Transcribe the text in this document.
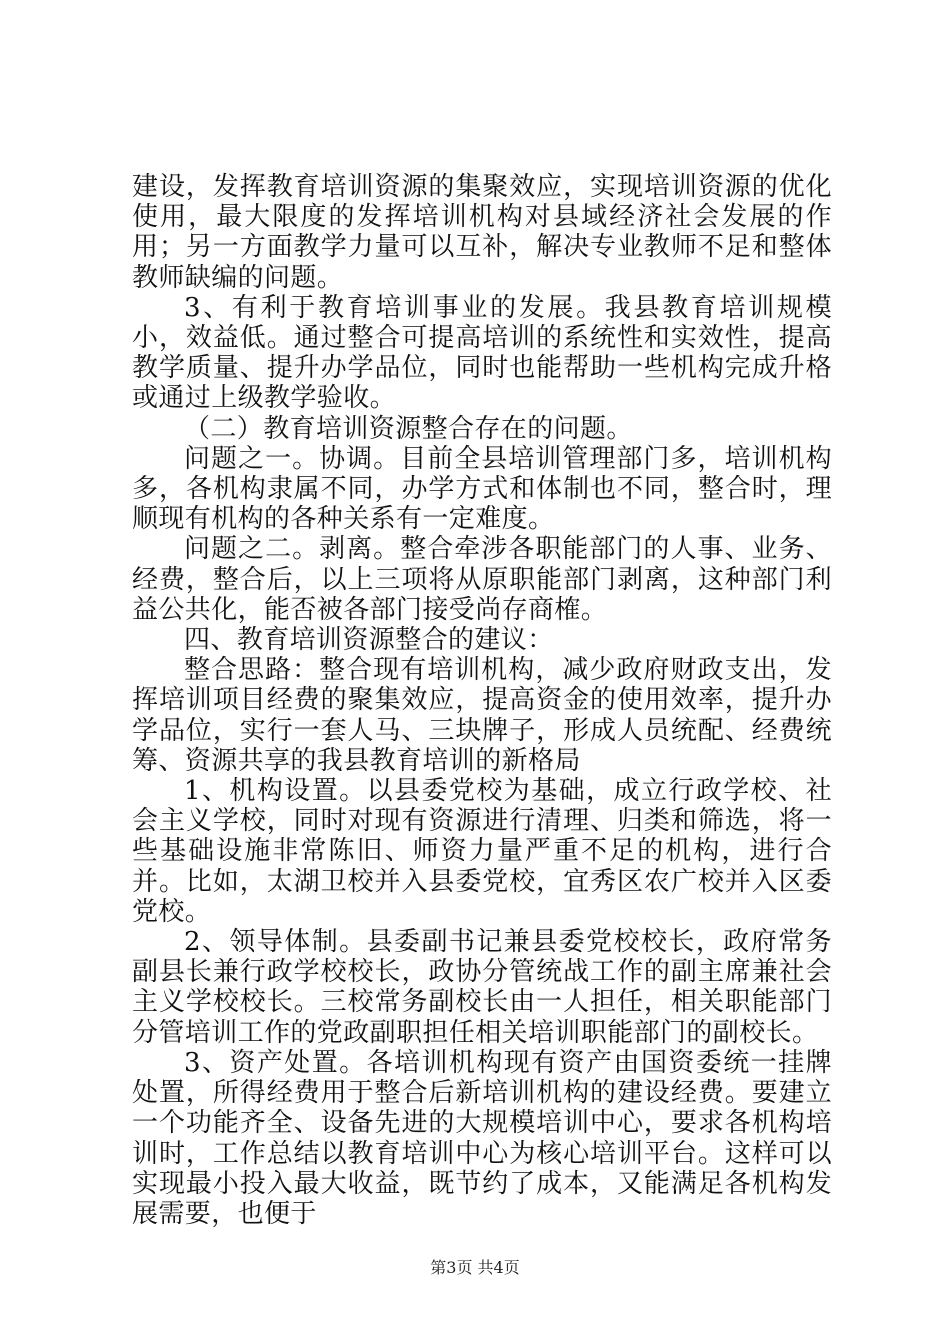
建设，发挥教育培训资源的集聚效应，实现培训资源的优化使用，最大限度的发挥培训机构对县域经济社会发展的作用；另一方面教学力量可以互补，解决专业教师不足和整体教师缺编的问题。

3、有利于教育培训事业的发展。我县教育培训规模小，效益低。通过整合可提高培训的系统性和实效性，提高教学质量、提升办学品位，同时也能帮助一些机构完成升格或通过上级教学验收。

（二）教育培训资源整合存在的问题。

问题之一。协调。目前全县培训管理部门多，培训机构多，各机构隶属不同，办学方式和体制也不同，整合时，理顺现有机构的各种关系有一定难度。

问题之二。剥离。整合牵涉各职能部门的人事、业务、经费，整合后，以上三项将从原职能部门剥离，这种部门利益公共化，能否被各部门接受尚存商榷。

四、教育培训资源整合的建议：

整合思路：整合现有培训机构，减少政府财政支出，发挥培训项目经费的聚集效应，提高资金的使用效率，提升办学品位，实行一套人马、三块牌子，形成人员统配、经费统筹、资源共享的我县教育培训的新格局

1、机构设置。以县委党校为基础，成立行政学校、社会主义学校，同时对现有资源进行清理、归类和筛选，将一些基础设施非常陈旧、师资力量严重不足的机构，进行合并。比如，太湖卫校并入县委党校，宜秀区农广校并入区委党校。

2、领导体制。县委副书记兼县委党校校长，政府常务副县长兼行政学校校长，政协分管统战工作的副主席兼社会主义学校校长。三校常务副校长由一人担任，相关职能部门分管培训工作的党政副职担任相关培训职能部门的副校长。

3、资产处置。各培训机构现有资产由国资委统一挂牌处置，所得经费用于整合后新培训机构的建设经费。要建立一个功能齐全、设备先进的大规模培训中心，要求各机构培训时，工作总结以教育培训中心为核心培训平台。这样可以实现最小投入最大收益，既节约了成本，又能满足各机构发展需要，也便于

第3页 共4页
